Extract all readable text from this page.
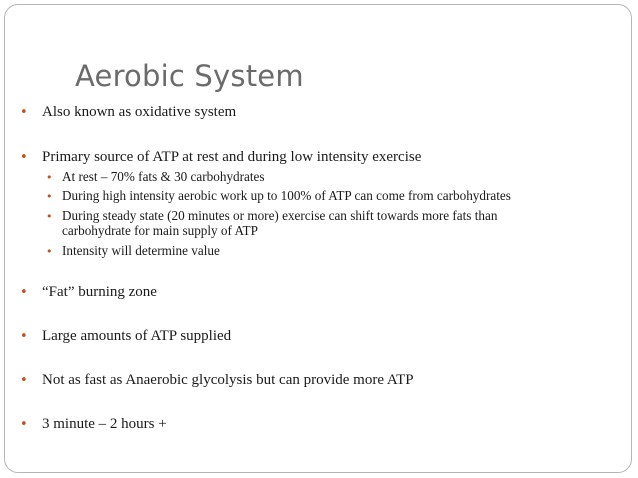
Aerobic System
• Also known as oxidative system
• Primary source of ATP at rest and during low intensity exercise
• At rest – 70% fats & 30 carbohydrates
• During high intensity aerobic work up to 100% of ATP can come from carbohydrates
• During steady state (20 minutes or more) exercise can shift towards more fats than
carbohydrate for main supply of ATP
• Intensity will determine value
• “Fat” burning zone
• Large amounts of ATP supplied
• Not as fast as Anaerobic glycolysis but can provide more ATP
• 3 minute – 2 hours +
